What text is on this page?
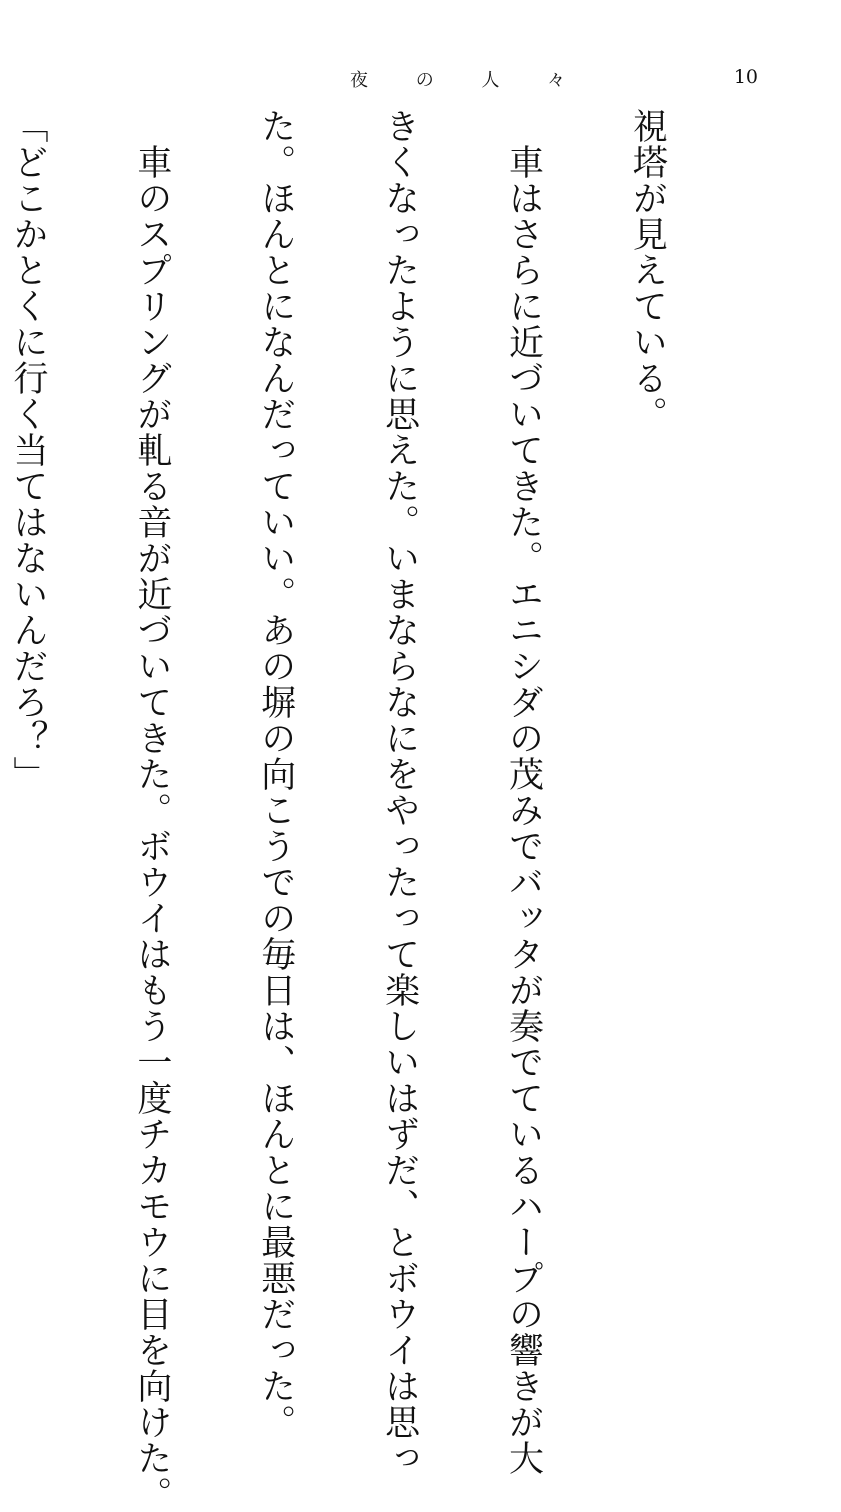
夜 の 人 々	10

視塔が見えている。

　車はさらに近づいてきた。エニシダの茂みでバッタが奏でているハープの響きが大

きくなったように思えた。いまならなにをやったって楽しいはずだ、とボウイは思っ

た。ほんとになんだっていい。あの塀の向こうでの毎日は、ほんとに最悪だった。

　車のスプリングが軋る音が近づいてきた。ボウイはもう一度チカモウに目を向けた。

「どこかとくに行く当てはないんだろ？」
